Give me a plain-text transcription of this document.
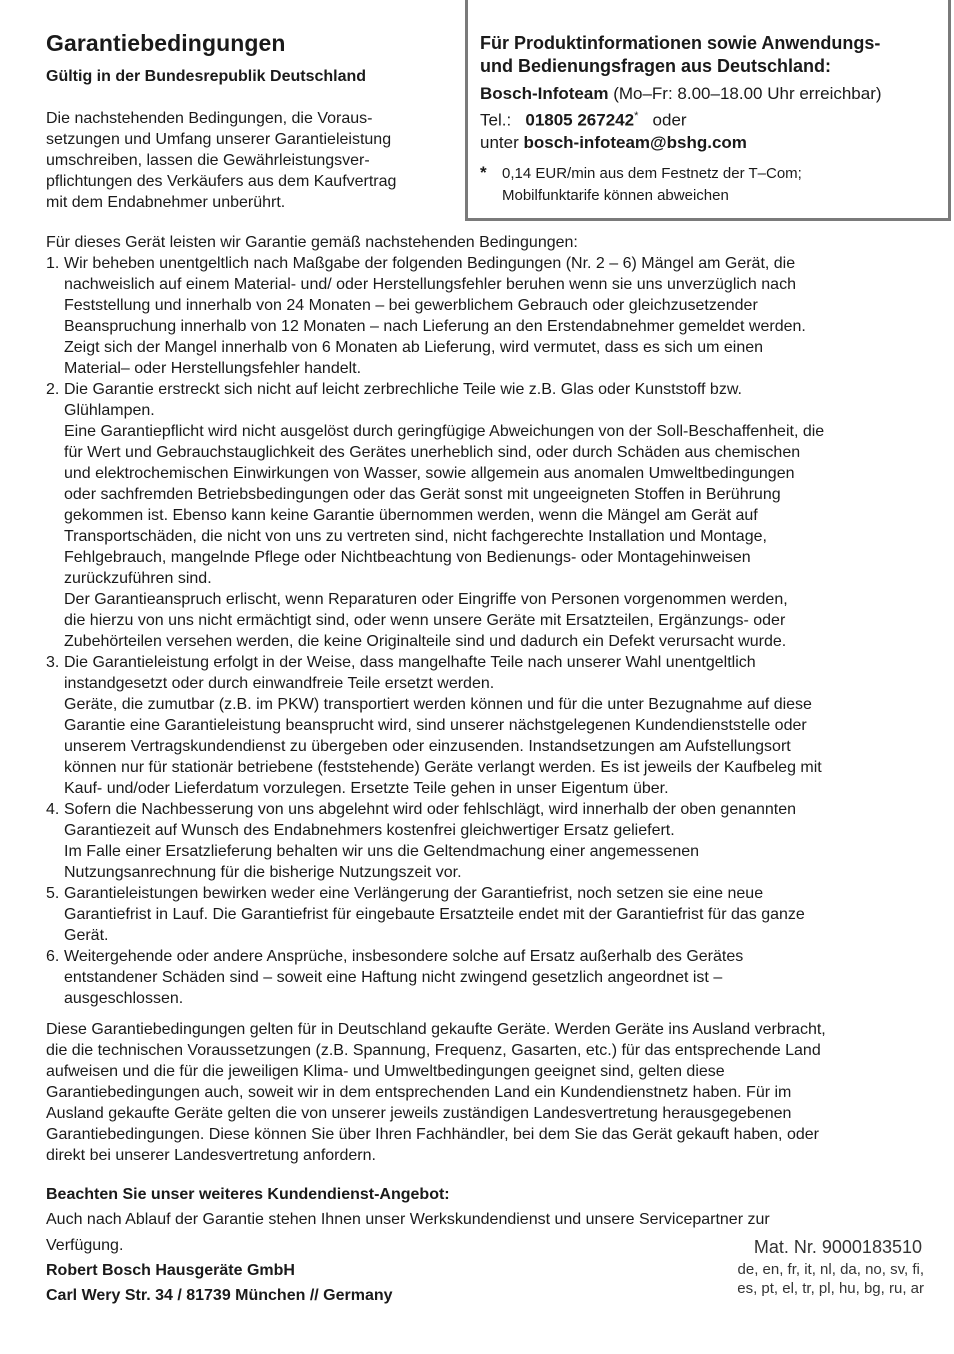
Garantiebedingungen
Gültig in der Bundesrepublik Deutschland
Die nachstehenden Bedingungen, die Voraus-
setzungen und Umfang unserer Garantieleistung
umschreiben, lassen die Gewährleistungsver-
pflichtungen des Verkäufers aus dem Kaufvertrag
mit dem Endabnehmer unberührt.
Für Produktinformationen sowie Anwendungs-
und Bedienungsfragen aus Deutschland:
Bosch-Infoteam (Mo–Fr: 8.00–18.00 Uhr erreichbar)
Tel.: 01805 267242* oder
unter bosch-infoteam@bshg.com
* 0,14 EUR/min aus dem Festnetz der T–Com;
Mobilfunktarife können abweichen
Für dieses Gerät leisten wir Garantie gemäß nachstehenden Bedingungen:
1. Wir beheben unentgeltlich nach Maßgabe der folgenden Bedingungen (Nr. 2 – 6) Mängel am Gerät, die
nachweislich auf einem Material- und/ oder Herstellungsfehler beruhen wenn sie uns unverzüglich nach
Feststellung und innerhalb von 24 Monaten – bei gewerblichem Gebrauch oder gleichzusetzender
Beanspruchung innerhalb von 12 Monaten – nach Lieferung an den Erstendabnehmer gemeldet werden.
Zeigt sich der Mangel innerhalb von 6 Monaten ab Lieferung, wird vermutet, dass es sich um einen
Material– oder Herstellungsfehler handelt.
2. Die Garantie erstreckt sich nicht auf leicht zerbrechliche Teile wie z.B. Glas oder Kunststoff bzw.
Glühlampen.
Eine Garantiepflicht wird nicht ausgelöst durch geringfügige Abweichungen von der Soll-Beschaffenheit, die
für Wert und Gebrauchstauglichkeit des Gerätes unerheblich sind, oder durch Schäden aus chemischen
und elektrochemischen Einwirkungen von Wasser, sowie allgemein aus anomalen Umweltbedingungen
oder sachfremden Betriebsbedingungen oder das Gerät sonst mit ungeeigneten Stoffen in Berührung
gekommen ist. Ebenso kann keine Garantie übernommen werden, wenn die Mängel am Gerät auf
Transportschäden, die nicht von uns zu vertreten sind, nicht fachgerechte Installation und Montage,
Fehlgebrauch, mangelnde Pflege oder Nichtbeachtung von Bedienungs- oder Montagehinweisen
zurückzuführen sind.
Der Garantieanspruch erlischt, wenn Reparaturen oder Eingriffe von Personen vorgenommen werden,
die hierzu von uns nicht ermächtigt sind, oder wenn unsere Geräte mit Ersatzteilen, Ergänzungs- oder
Zubehörteilen versehen werden, die keine Originalteile sind und dadurch ein Defekt verursacht wurde.
3. Die Garantieleistung erfolgt in der Weise, dass mangelhafte Teile nach unserer Wahl unentgeltlich
instandgesetzt oder durch einwandfreie Teile ersetzt werden.
Geräte, die zumutbar (z.B. im PKW) transportiert werden können und für die unter Bezugnahme auf diese
Garantie eine Garantieleistung beansprucht wird, sind unserer nächstgelegenen Kundendienststelle oder
unserem Vertragskundendienst zu übergeben oder einzusenden. Instandsetzungen am Aufstellungsort
können nur für stationär betriebene (feststehende) Geräte verlangt werden. Es ist jeweils der Kaufbeleg mit
Kauf- und/oder Lieferdatum vorzulegen. Ersetzte Teile gehen in unser Eigentum über.
4. Sofern die Nachbesserung von uns abgelehnt wird oder fehlschlägt, wird innerhalb der oben genannten
Garantiezeit auf Wunsch des Endabnehmers kostenfrei gleichwertiger Ersatz geliefert.
Im Falle einer Ersatzlieferung behalten wir uns die Geltendmachung einer angemessenen
Nutzungsanrechnung für die bisherige Nutzungszeit vor.
5. Garantieleistungen bewirken weder eine Verlängerung der Garantiefrist, noch setzen sie eine neue
Garantiefrist in Lauf. Die Garantiefrist für eingebaute Ersatzteile endet mit der Garantiefrist für das ganze
Gerät.
6. Weitergehende oder andere Ansprüche, insbesondere solche auf Ersatz außerhalb des Gerätes
entstandener Schäden sind – soweit eine Haftung nicht zwingend gesetzlich angeordnet ist –
ausgeschlossen.
Diese Garantiebedingungen gelten für in Deutschland gekaufte Geräte. Werden Geräte ins Ausland verbracht,
die die technischen Voraussetzungen (z.B. Spannung, Frequenz, Gasarten, etc.) für das entsprechende Land
aufweisen und die für die jeweiligen Klima- und Umweltbedingungen geeignet sind, gelten diese
Garantiebedingungen auch, soweit wir in dem entsprechenden Land ein Kundendienstnetz haben. Für im
Ausland gekaufte Geräte gelten die von unserer jeweils zuständigen Landesvertretung herausgegebenen
Garantiebedingungen. Diese können Sie über Ihren Fachhändler, bei dem Sie das Gerät gekauft haben, oder
direkt bei unserer Landesvertretung anfordern.
Beachten Sie unser weiteres Kundendienst-Angebot:
Auch nach Ablauf der Garantie stehen Ihnen unser Werkskundendienst und unsere Servicepartner zur
Verfügung.
Robert Bosch Hausgeräte GmbH
Carl Wery Str. 34 / 81739 München // Germany
Mat. Nr. 9000183510
de, en, fr, it, nl, da, no, sv, fi,
es, pt, el, tr, pl, hu, bg, ru, ar
